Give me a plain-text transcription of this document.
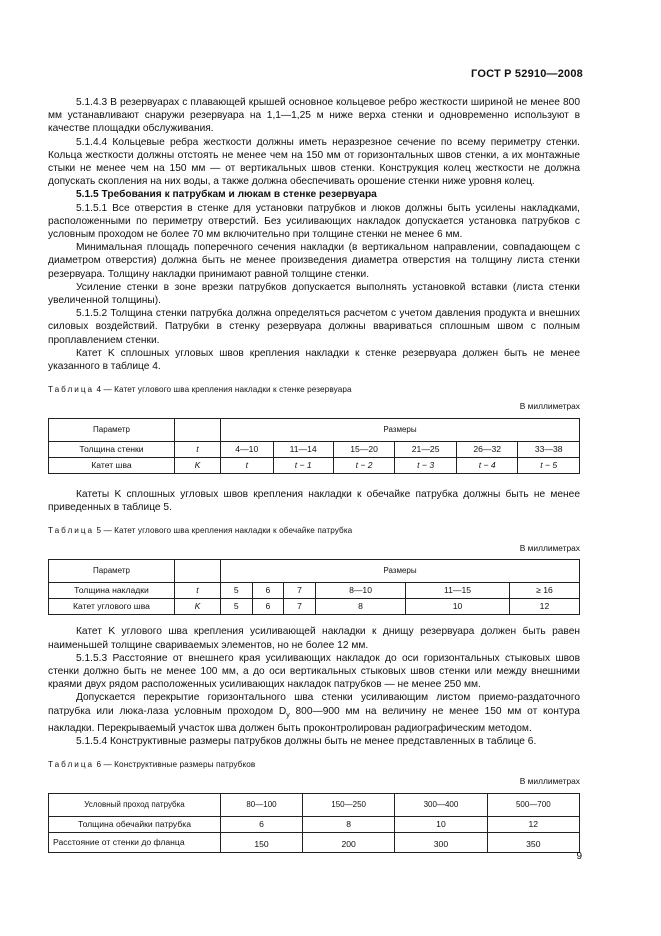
ГОСТ Р 52910—2008

5.1.4.3 В резервуарах с плавающей крышей основное кольцевое ребро жесткости шириной не менее 800 мм устанавливают снаружи резервуара на 1,1—1,25 м ниже верха стенки и одновременно используют в качестве площадки обслуживания.

5.1.4.4 Кольцевые ребра жесткости должны иметь неразрезное сечение по всему периметру стенки. Кольца жесткости должны отстоять не менее чем на 150 мм от горизонтальных швов стенки, а их монтажные стыки не менее чем на 150 мм — от вертикальных швов стенки. Конструкция колец жесткости не должна допускать скопления на них воды, а также должна обеспечивать орошение стенки ниже уровня колец.

5.1.5 Требования к патрубкам и люкам в стенке резервуара

5.1.5.1 Все отверстия в стенке для установки патрубков и люков должны быть усилены накладками, расположенными по периметру отверстий. Без усиливающих накладок допускается установка патрубков с условным проходом не более 70 мм включительно при толщине стенки не менее 6 мм.

Минимальная площадь поперечного сечения накладки (в вертикальном направлении, совпадающем с диаметром отверстия) должна быть не менее произведения диаметра отверстия на толщину листа стенки резервуара. Толщину накладки принимают равной толщине стенки.

Усиление стенки в зоне врезки патрубков допускается выполнять установкой вставки (листа стенки увеличенной толщины).

5.1.5.2 Толщина стенки патрубка должна определяться расчетом с учетом давления продукта и внешних силовых воздействий. Патрубки в стенку резервуара должны ввариваться сплошным швом с полным проплавлением стенки.

Катет K сплошных угловых швов крепления накладки к стенке резервуара должен быть не менее указанного в таблице 4.

Таблица 4 — Катет углового шва крепления накладки к стенке резервуара
В миллиметрах
Параметр		Размеры					
Толщина стенки	t	4—10	11—14	15—20	21—25	26—32	33—38
Катет шва	K	t	t − 1	t − 2	t − 3	t − 4	t − 5

Катеты K сплошных угловых швов крепления накладки к обечайке патрубка должны быть не менее приведенных в таблице 5.

Таблица 5 — Катет углового шва крепления накладки к обечайке патрубка
В миллиметрах
Параметр		Размеры					
Толщина накладки	t	5	6	7	8—10	11—15	≥ 16
Катет углового шва	K	5	6	7	8	10	12

Катет K углового шва крепления усиливающей накладки к днищу резервуара должен быть равен наименьшей толщине свариваемых элементов, но не более 12 мм.

5.1.5.3 Расстояние от внешнего края усиливающих накладок до оси горизонтальных стыковых швов стенки должно быть не менее 100 мм, а до оси вертикальных стыковых швов стенки или между внешними краями двух рядом расположенных усиливающих накладок патрубков — не менее 250 мм.

Допускается перекрытие горизонтального шва стенки усиливающим листом приемо-раздаточного патрубка или люка-лаза условным проходом $D_у$ 800—900 мм на величину не менее 150 мм от контура накладки. Перекрываемый участок шва должен быть проконтролирован радиографическим методом.

5.1.5.4 Конструктивные размеры патрубков должны быть не менее представленных в таблице 6.

Таблица 6 — Конструктивные размеры патрубков
В миллиметрах
Условный проход патрубка	80—100	150—250	300—400	500—700
Толщина обечайки патрубка	6	8	10	12
Расстояние от стенки до фланца	150	200	300	350
9
